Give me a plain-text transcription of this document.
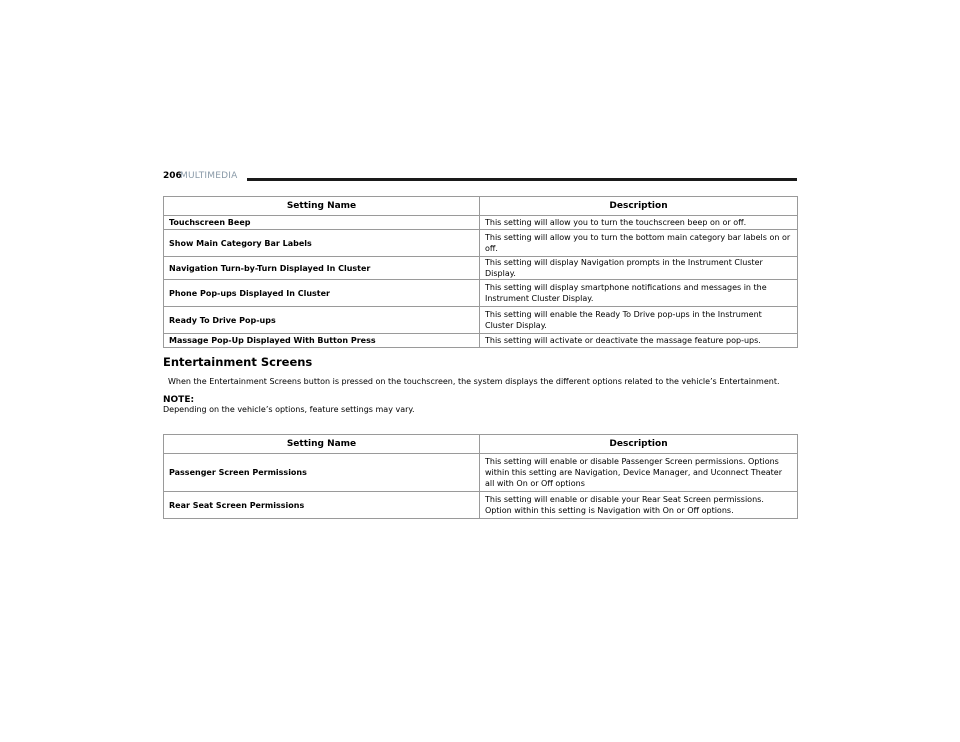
206
MULTIMEDIA
Setting Name	Description
Touchscreen Beep	This setting will allow you to turn the touchscreen beep on or off.
Show Main Category Bar Labels	This setting will allow you to turn the bottom main category bar labels on or off.
Navigation Turn-by-Turn Displayed In Cluster	This setting will display Navigation prompts in the Instrument Cluster Display.
Phone Pop-ups Displayed In Cluster	This setting will display smartphone notifications and messages in the Instrument Cluster Display.
Ready To Drive Pop-ups	This setting will enable the Ready To Drive pop-ups in the Instrument Cluster Display.
Massage Pop-Up Displayed With Button Press	This setting will activate or deactivate the massage feature pop-ups.
Entertainment Screens

When the Entertainment Screens button is pressed on the touchscreen, the system displays the different options related to the vehicle’s Entertainment.

NOTE:

Depending on the vehicle’s options, feature settings may vary.

Setting Name	Description
Passenger Screen Permissions	This setting will enable or disable Passenger Screen permissions. Options within this setting are Navigation, Device Manager, and Uconnect Theater all with On or Off options
Rear Seat Screen Permissions	This setting will enable or disable your Rear Seat Screen permissions. Option within this setting is Navigation with On or Off options.
